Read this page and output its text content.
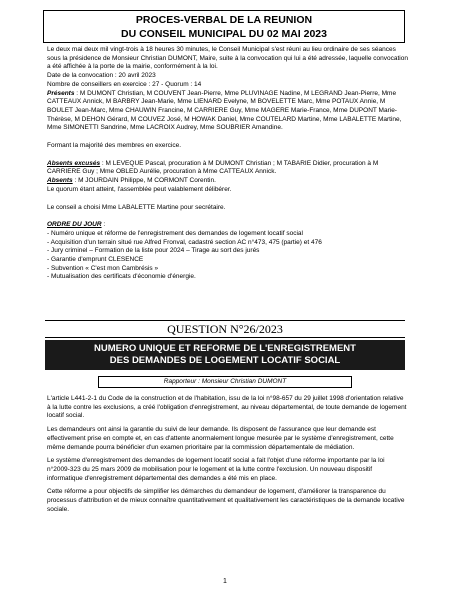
PROCES-VERBAL DE LA REUNION
DU CONSEIL MUNICIPAL DU 02 MAI 2023

Le deux mai deux mil vingt-trois à 18 heures 30 minutes, le Conseil Municipal s'est réuni au lieu ordinaire de ses séances sous la présidence de Monsieur Christian DUMONT, Maire, suite à la convocation qui lui a été adressée, laquelle convocation a été affichée à la porte de la mairie, conformément à la loi.

Date de la convocation : 20 avril 2023

Nombre de conseillers en exercice : 27 - Quorum : 14

Présents : M DUMONT Christian, M COUVENT Jean-Pierre, Mme PLUVINAGE Nadine, M LEGRAND Jean-Pierre, Mme CATTEAUX Annick, M BARBRY Jean-Marie, Mme LIENARD Evelyne, M BOVELETTE Marc, Mme POTAUX Annie, M BOULET Jean-Marc, Mme CHAUWIN Francine, M CARRIERE Guy, Mme MAGERE Marie-France, Mme DUPONT Marie-Thérèse, M DEHON Gérard, M COUVEZ José, M HOWAK Daniel, Mme COUTELARD Martine, Mme LABALETTE Martine, Mme SIMONETTI Sandrine, Mme LACROIX Audrey, Mme SOUBRIER Amandine.

Formant la majorité des membres en exercice.

Absents excusés : M LEVEQUE Pascal, procuration à M DUMONT Christian ; M TABARIE Didier, procuration à M CARRIERE Guy ; Mme OBLED Aurélie, procuration à Mme CATTEAUX Annick.

Absents : M JOURDAIN Philippe, M CORMONT Corentin.

Le quorum étant atteint, l'assemblée peut valablement délibérer.

Le conseil a choisi Mme LABALETTE Martine pour secrétaire.

ORDRE DU JOUR :

- Numéro unique et réforme de l'enregistrement des demandes de logement locatif social
- Acquisition d'un terrain situé rue Alfred Fronval, cadastré section AC n°473, 475 (partie) et 476
- Jury criminel – Formation de la liste pour 2024 – Tirage au sort des jurés
- Garantie d'emprunt CLESENCE
- Subvention « C'est mon Cambrésis »
- Mutualisation des certificats d'économie d'énergie.
QUESTION N°26/2023
NUMERO UNIQUE ET REFORME DE L'ENREGISTREMENT
DES DEMANDES DE LOGEMENT LOCATIF SOCIAL
Rapporteur : Monsieur Christian DUMONT

L'article L441-2-1 du Code de la construction et de l'habitation, issu de la loi n°98-657 du 29 juillet 1998 d'orientation relative à la lutte contre les exclusions, a créé l'obligation d'enregistrement, au niveau départemental, de toute demande de logement locatif social.

Les demandeurs ont ainsi la garantie du suivi de leur demande. Ils disposent de l'assurance que leur demande est effectivement prise en compte et, en cas d'attente anormalement longue mesurée par le système d'enregistrement, cette même demande pourra bénéficier d'un examen prioritaire par la commission départementale de médiation.

Le système d'enregistrement des demandes de logement locatif social a fait l'objet d'une réforme importante par la loi n°2009-323 du 25 mars 2009 de mobilisation pour le logement et la lutte contre l'exclusion. Un nouveau dispositif informatique d'enregistrement départemental des demandes a été mis en place.

Cette réforme a pour objectifs de simplifier les démarches du demandeur de logement, d'améliorer la transparence du processus d'attribution et de mieux connaître quantitativement et qualitativement les caractéristiques de la demande locative sociale.

1
